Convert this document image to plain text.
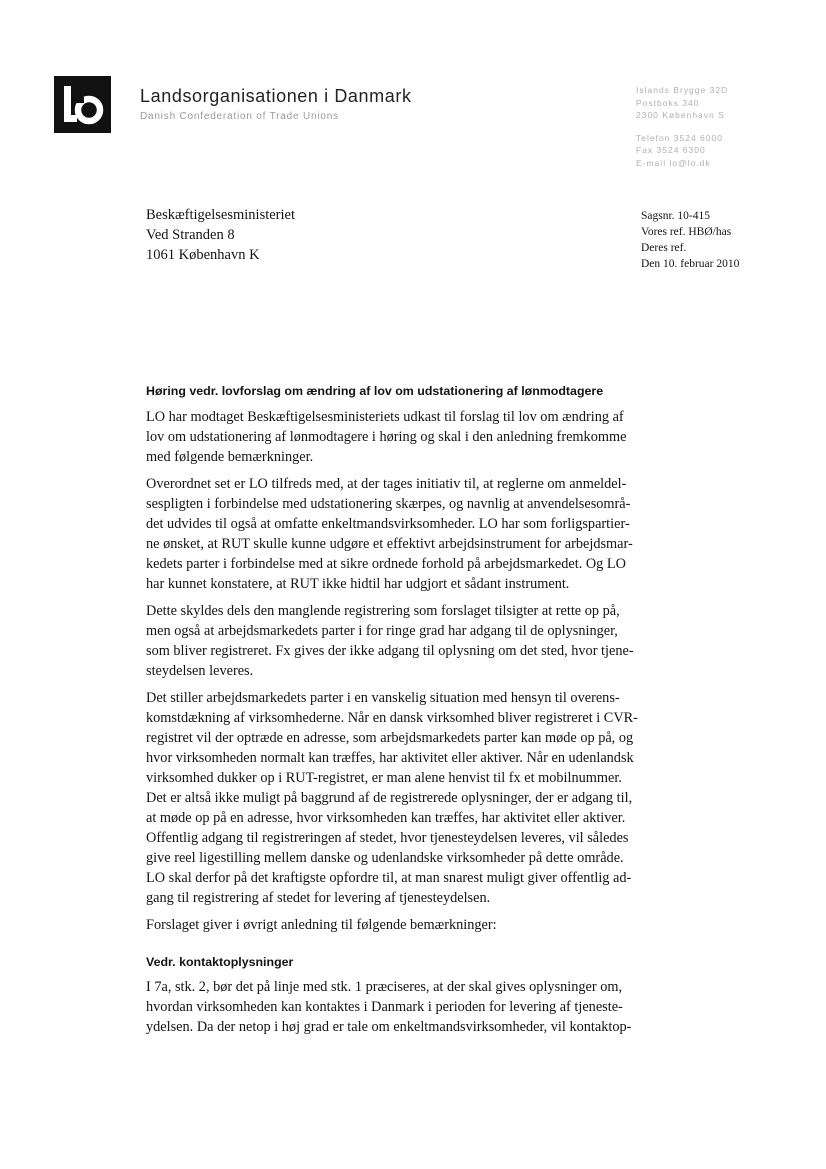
Landsorganisationen i Danmark
Danish Confederation of Trade Unions
Islands Brygge 32D
Postboks 340
2300 København S
Telefon 3524 6000
Fax 3524 6300
E-mail lo@lo.dk
Beskæftigelsesministeriet
Ved Stranden 8
1061 København K
Sagsnr. 10-415
Vores ref. HBØ/has
Deres ref.
Den 10. februar 2010
Høring vedr. lovforslag om ændring af lov om udstationering af lønmodtagere
LO har modtaget Beskæftigelsesministeriets udkast til forslag til lov om ændring af
lov om udstationering af lønmodtagere i høring og skal i den anledning fremkomme
med følgende bemærkninger.
Overordnet set er LO tilfreds med, at der tages initiativ til, at reglerne om anmeldel-
sespligten i forbindelse med udstationering skærpes, og navnlig at anvendelsesområ-
det udvides til også at omfatte enkeltmandsvirksomheder. LO har som forligspartier-
ne ønsket, at RUT skulle kunne udgøre et effektivt arbejdsinstrument for arbejdsmar-
kedets parter i forbindelse med at sikre ordnede forhold på arbejdsmarkedet. Og LO
har kunnet konstatere, at RUT ikke hidtil har udgjort et sådant instrument.
Dette skyldes dels den manglende registrering som forslaget tilsigter at rette op på,
men også at arbejdsmarkedets parter i for ringe grad har adgang til de oplysninger,
som bliver registreret. Fx gives der ikke adgang til oplysning om det sted, hvor tjene-
steydelsen leveres.
Det stiller arbejdsmarkedets parter i en vanskelig situation med hensyn til overens-
komstdækning af virksomhederne. Når en dansk virksomhed bliver registreret i CVR-
registret vil der optræde en adresse, som arbejdsmarkedets parter kan møde op på, og
hvor virksomheden normalt kan træffes, har aktivitet eller aktiver. Når en udenlandsk
virksomhed dukker op i RUT-registret, er man alene henvist til fx et mobilnummer.
Det er altså ikke muligt på baggrund af de registrerede oplysninger, der er adgang til,
at møde op på en adresse, hvor virksomheden kan træffes, har aktivitet eller aktiver.
Offentlig adgang til registreringen af stedet, hvor tjenesteydelsen leveres, vil således
give reel ligestilling mellem danske og udenlandske virksomheder på dette område.
LO skal derfor på det kraftigste opfordre til, at man snarest muligt giver offentlig ad-
gang til registrering af stedet for levering af tjenesteydelsen.
Forslaget giver i øvrigt anledning til følgende bemærkninger:
Vedr. kontaktoplysninger
I 7a, stk. 2, bør det på linje med stk. 1 præciseres, at der skal gives oplysninger om,
hvordan virksomheden kan kontaktes i Danmark i perioden for levering af tjeneste-
ydelsen. Da der netop i høj grad er tale om enkeltmandsvirksomheder, vil kontaktop-
